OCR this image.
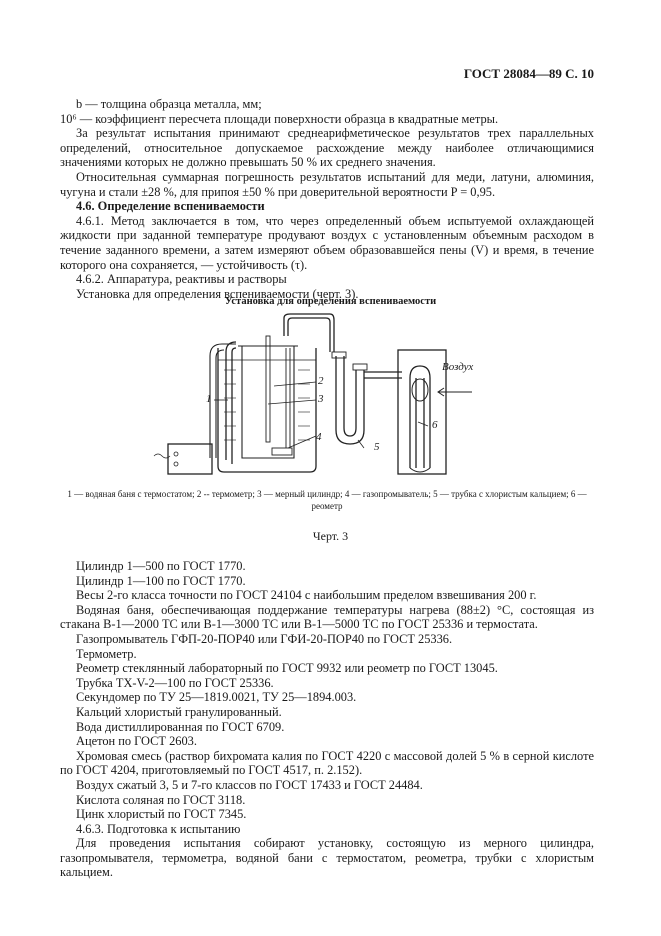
ГОСТ 28084—89 С. 10

b — толщина образца металла, мм;

10⁶ — коэффициент пересчета площади поверхности образца в квадратные метры.

За результат испытания принимают среднеарифметическое результатов трех параллельных определений, относительное допускаемое расхождение между наиболее отличающимися значениями которых не должно превышать 50 % их среднего значения.

Относительная суммарная погрешность результатов испытаний для меди, латуни, алюминия, чугуна и стали ±28 %, для припоя ±50 % при доверительной вероятности P = 0,95.

4.6. Определение вспениваемости

4.6.1. Метод заключается в том, что через определенный объем испытуемой охлаждающей жидкости при заданной температуре продувают воздух с установленным объемным расходом в течение заданного времени, а затем измеряют объем образовавшейся пены (V) и время, в течение которого она сохраняется, — устойчивость (τ).

4.6.2. Аппаратура, реактивы и растворы

Установка для определения вспениваемости (черт. 3).

Установка для определения вспениваемости
1
2
3
4
5
6
Воздух
1 — водяная баня с термостатом; 2 -- термометр; 3 — мерный цилиндр; 4 — газопромыватель; 5 — трубка с хлористым кальцием; 6 — реометр
Черт. 3

Цилиндр 1—500 по ГОСТ 1770.

Цилиндр 1—100 по ГОСТ 1770.

Весы 2-го класса точности по ГОСТ 24104 с наибольшим пределом взвешивания 200 г.

Водяная баня, обеспечивающая поддержание температуры нагрева (88±2) °С, состоящая из стакана В-1—2000 ТС или В-1—3000 ТС или В-1—5000 ТС по ГОСТ 25336 и термостата.

Газопромыватель ГФП-20-ПОР40 или ГФИ-20-ПОР40 по ГОСТ 25336.

Термометр.

Реометр стеклянный лабораторный по ГОСТ 9932 или реометр по ГОСТ 13045.

Трубка ТХ-V-2—100 по ГОСТ 25336.

Секундомер по ТУ 25—1819.0021, ТУ 25—1894.003.

Кальций хлористый гранулированный.

Вода дистиллированная по ГОСТ 6709.

Ацетон по ГОСТ 2603.

Хромовая смесь (раствор бихромата калия по ГОСТ 4220 с массовой долей 5 % в серной кислоте по ГОСТ 4204, приготовляемый по ГОСТ 4517, п. 2.152).

Воздух сжатый 3, 5 и 7-го классов по ГОСТ 17433 и ГОСТ 24484.

Кислота соляная по ГОСТ 3118.

Цинк хлористый по ГОСТ 7345.

4.6.3. Подготовка к испытанию

Для проведения испытания собирают установку, состоящую из мерного цилиндра, газопромывателя, термометра, водяной бани с термостатом, реометра, трубки с хлористым кальцием.
